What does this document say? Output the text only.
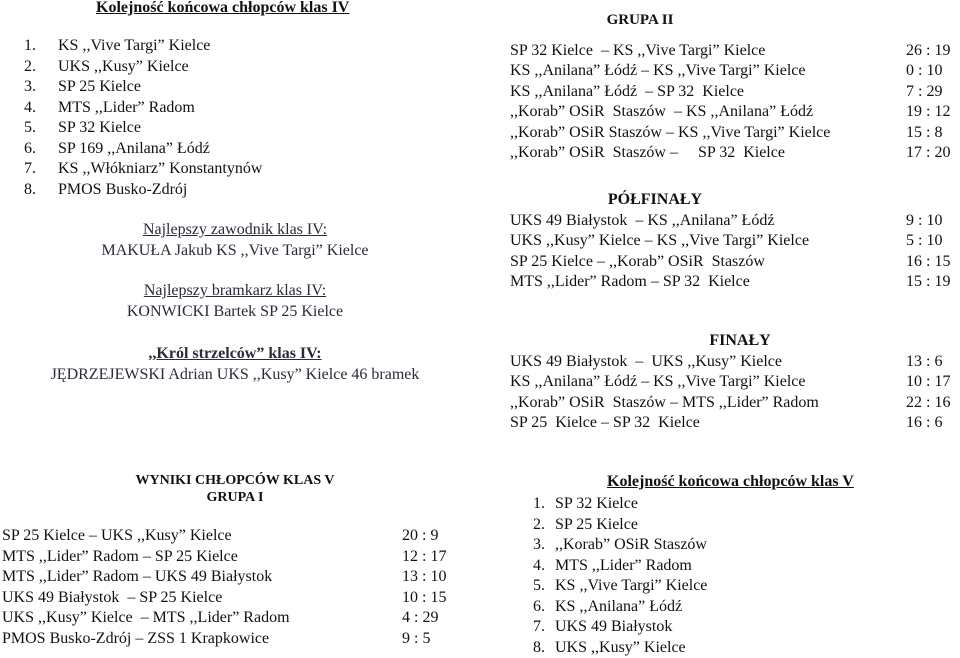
Kolejność końcowa chłopców klas IV
1. KS ,,Vive Targi” Kielce
2. UKS ,,Kusy” Kielce
3. SP 25 Kielce
4. MTS ,,Lider” Radom
5. SP 32 Kielce
6. SP 169 ,,Anilana” Łódź
7. KS ,,Włókniarz” Konstantynów
8. PMOS Busko-Zdrój
Najlepszy zawodnik klas IV:
MAKUŁA Jakub KS ,,Vive Targi” Kielce
Najlepszy bramkarz klas IV:
KONWICKI Bartek SP 25 Kielce
,,Król strzelców” klas IV:
JĘDRZEJEWSKI Adrian UKS ,,Kusy” Kielce 46 bramek
GRUPA II
SP 32 Kielce  – KS ,,Vive Targi” Kielce	26 : 19
KS ,,Anilana” Łódź – KS ,,Vive Targi” Kielce	0 : 10
KS ,,Anilana” Łódź  – SP 32  Kielce	7 : 29
,,Korab” OSiR  Staszów  – KS ,,Anilana” Łódź	19 : 12
,,Korab” OSiR Staszów – KS ,,Vive Targi” Kielce	15 : 8
,,Korab” OSiR  Staszów –     SP 32  Kielce	17 : 20
PÓŁFINAŁY
UKS 49 Białystok  – KS ,,Anilana” Łódź	9 : 10
UKS ,,Kusy” Kielce – KS ,,Vive Targi” Kielce	5 : 10
SP 25 Kielce – ,,Korab” OSiR  Staszów	16 : 15
MTS ,,Lider” Radom – SP 32  Kielce	15 : 19
FINAŁY
UKS 49 Białystok  –  UKS ,,Kusy” Kielce	13 : 6
KS ,,Anilana” Łódź – KS ,,Vive Targi” Kielce	10 : 17
,,Korab” OSiR  Staszów – MTS ,,Lider” Radom	22 : 16
SP 25  Kielce – SP 32  Kielce	16 : 6
WYNIKI CHŁOPCÓW KLAS V
GRUPA I
SP 25 Kielce – UKS ,,Kusy” Kielce	20 : 9
MTS ,,Lider” Radom – SP 25 Kielce	12 : 17
MTS ,,Lider” Radom – UKS 49 Białystok	13 : 10
UKS 49 Białystok  – SP 25 Kielce	10 : 15
UKS ,,Kusy” Kielce  – MTS ,,Lider” Radom	4 : 29
PMOS Busko-Zdrój – ZSS 1 Krapkowice	9 : 5
Kolejność końcowa chłopców klas V
1. SP 32 Kielce
2. SP 25 Kielce
3. ,,Korab” OSiR Staszów
4. MTS ,,Lider” Radom
5. KS ,,Vive Targi” Kielce
6. KS ,,Anilana” Łódź
7. UKS 49 Białystok
8. UKS ,,Kusy” Kielce
